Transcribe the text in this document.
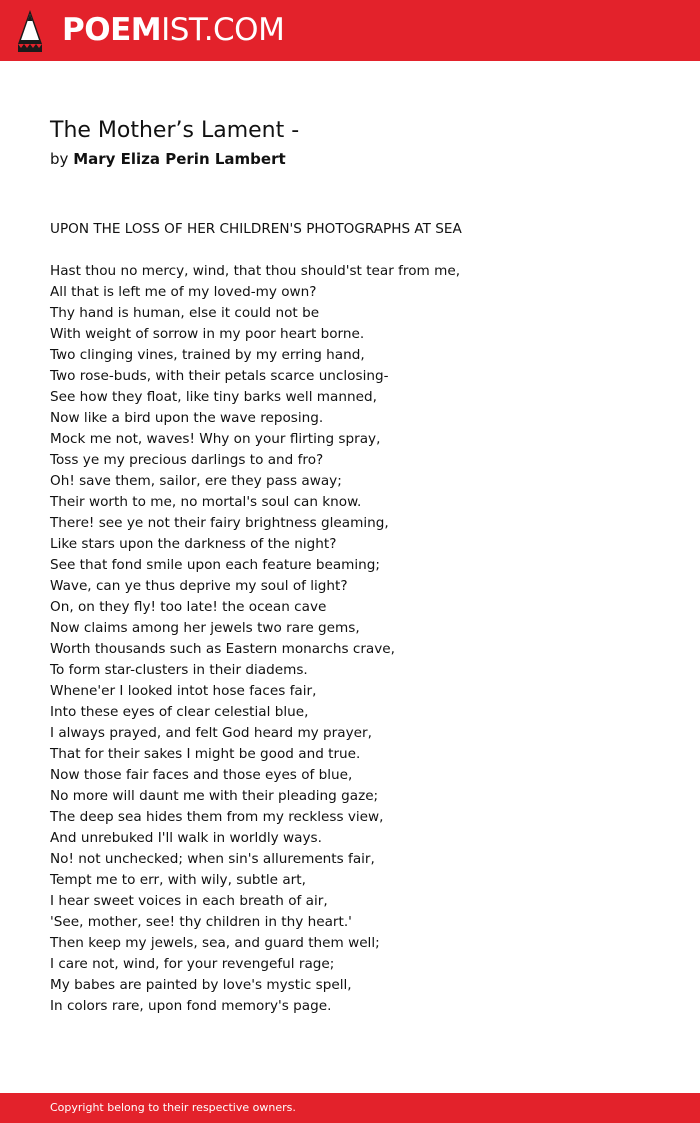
POEMIST.COM
The Mother’s Lament -
by Mary Eliza Perin Lambert
UPON THE LOSS OF HER CHILDREN'S PHOTOGRAPHS AT SEA
Hast thou no mercy, wind, that thou should'st tear from me,
All that is left me of my loved-my own?
Thy hand is human, else it could not be
With weight of sorrow in my poor heart borne.
Two clinging vines, trained by my erring hand,
Two rose-buds, with their petals scarce unclosing-
See how they float, like tiny barks well manned,
Now like a bird upon the wave reposing.
Mock me not, waves! Why on your flirting spray,
Toss ye my precious darlings to and fro?
Oh! save them, sailor, ere they pass away;
Their worth to me, no mortal's soul can know.
There! see ye not their fairy brightness gleaming,
Like stars upon the darkness of the night?
See that fond smile upon each feature beaming;
Wave, can ye thus deprive my soul of light?
On, on they fly! too late! the ocean cave
Now claims among her jewels two rare gems,
Worth thousands such as Eastern monarchs crave,
To form star-clusters in their diadems.
Whene'er I looked intot hose faces fair,
Into these eyes of clear celestial blue,
I always prayed, and felt God heard my prayer,
That for their sakes I might be good and true.
Now those fair faces and those eyes of blue,
No more will daunt me with their pleading gaze;
The deep sea hides them from my reckless view,
And unrebuked I'll walk in worldly ways.
No! not unchecked; when sin's allurements fair,
Tempt me to err, with wily, subtle art,
I hear sweet voices in each breath of air,
'See, mother, see! thy children in thy heart.'
Then keep my jewels, sea, and guard them well;
I care not, wind, for your revengeful rage;
My babes are painted by love's mystic spell,
In colors rare, upon fond memory's page.
Copyright belong to their respective owners.
